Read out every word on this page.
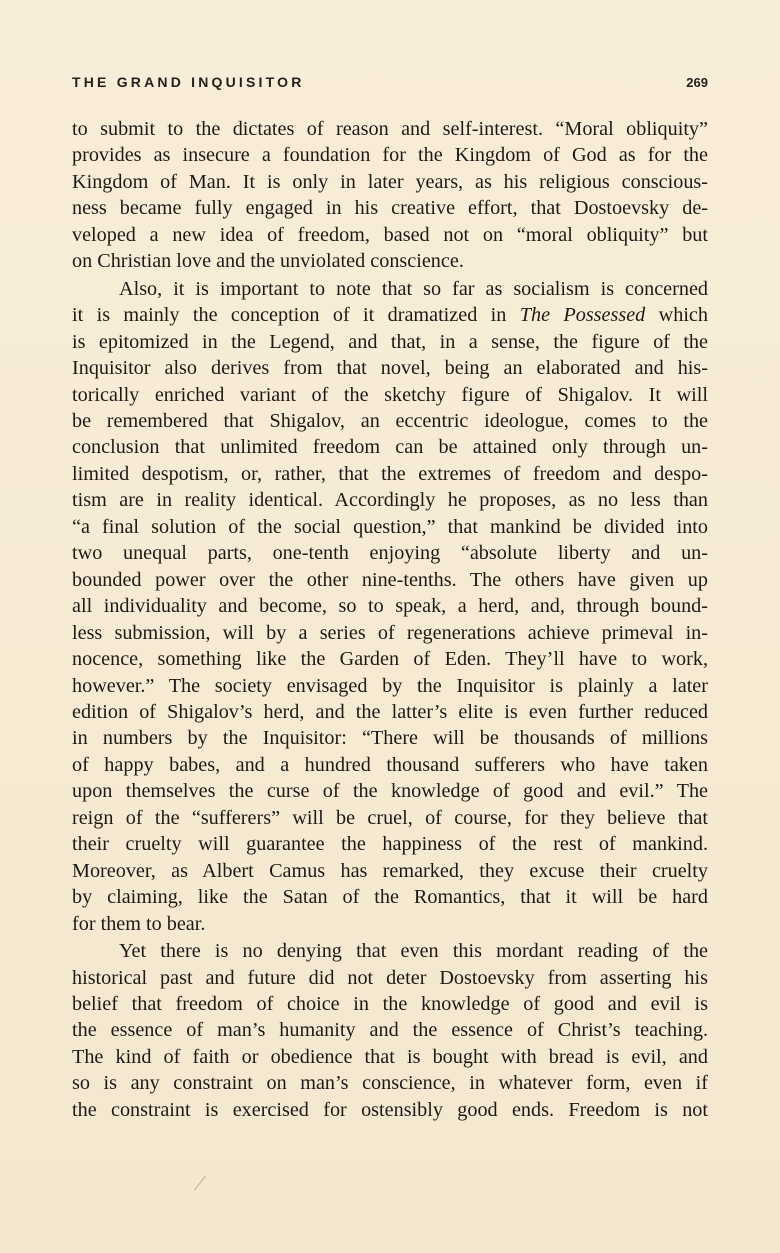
THE GRAND INQUISITOR	269

to submit to the dictates of reason and self-interest. “Moral obliquity”
provides as insecure a foundation for the Kingdom of God as for the
Kingdom of Man. It is only in later years, as his religious conscious-
ness became fully engaged in his creative effort, that Dostoevsky de-
veloped a new idea of freedom, based not on “moral obliquity” but
on Christian love and the unviolated conscience.

Also, it is important to note that so far as socialism is concerned
it is mainly the conception of it dramatized in The Possessed which
is epitomized in the Legend, and that, in a sense, the figure of the
Inquisitor also derives from that novel, being an elaborated and his-
torically enriched variant of the sketchy figure of Shigalov. It will
be remembered that Shigalov, an eccentric ideologue, comes to the
conclusion that unlimited freedom can be attained only through un-
limited despotism, or, rather, that the extremes of freedom and despo-
tism are in reality identical. Accordingly he proposes, as no less than
“a final solution of the social question,” that mankind be divided into
two unequal parts, one-tenth enjoying “absolute liberty and un-
bounded power over the other nine-tenths. The others have given up
all individuality and become, so to speak, a herd, and, through bound-
less submission, will by a series of regenerations achieve primeval in-
nocence, something like the Garden of Eden. They’ll have to work,
however.” The society envisaged by the Inquisitor is plainly a later
edition of Shigalov’s herd, and the latter’s elite is even further reduced
in numbers by the Inquisitor: “There will be thousands of millions
of happy babes, and a hundred thousand sufferers who have taken
upon themselves the curse of the knowledge of good and evil.” The
reign of the “sufferers” will be cruel, of course, for they believe that
their cruelty will guarantee the happiness of the rest of mankind.
Moreover, as Albert Camus has remarked, they excuse their cruelty
by claiming, like the Satan of the Romantics, that it will be hard
for them to bear.

Yet there is no denying that even this mordant reading of the
historical past and future did not deter Dostoevsky from asserting his
belief that freedom of choice in the knowledge of good and evil is
the essence of man’s humanity and the essence of Christ’s teaching.
The kind of faith or obedience that is bought with bread is evil, and
so is any constraint on man’s conscience, in whatever form, even if
the constraint is exercised for ostensibly good ends. Freedom is not
